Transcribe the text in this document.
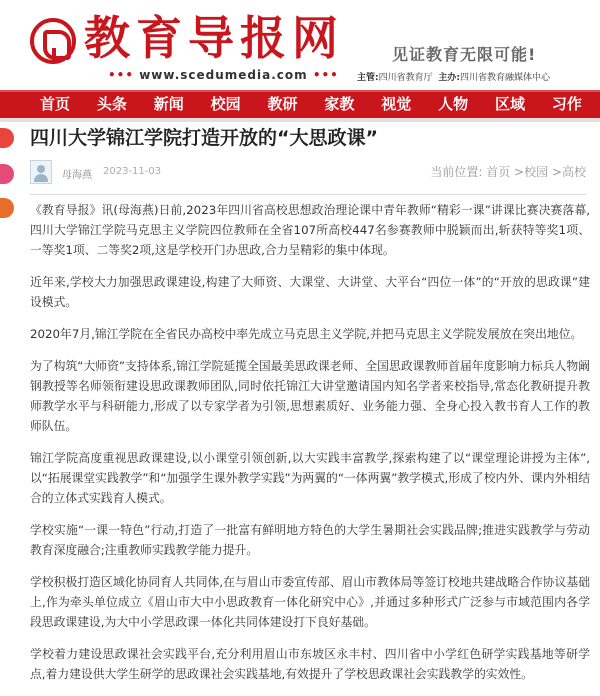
教育导报网
••• www.scedumedia.com •••
见证教育无限可能!
主管:四川省教育厅 主办:四川省教育融媒体中心
首页 头条 新闻 校园 教研 家教 视觉 人物 区域 习作
四川大学锦江学院打造开放的“大思政课”
母海燕 2023-11-03	当前位置: 首页 >校园 >高校

《教育导报》讯(母海燕)日前,2023年四川省高校思想政治理论课中青年教师“精彩一课”讲课比赛决赛落幕,四川大学锦江学院马克思主义学院四位教师在全省107所高校447名参赛教师中脱颖而出,斩获特等奖1项、一等奖1项、二等奖2项,这是学校开门办思政,合力呈精彩的集中体现。

近年来,学校大力加强思政课建设,构建了大师资、大课堂、大讲堂、大平台“四位一体”的“开放的思政课”建设模式。

2020年7月,锦江学院在全省民办高校中率先成立马克思主义学院,并把马克思主义学院发展放在突出地位。

为了构筑“大师资”支持体系,锦江学院延揽全国最美思政课老师、全国思政课教师首届年度影响力标兵人物阚钢教授等名师领衔建设思政课教师团队,同时依托锦江大讲堂邀请国内知名学者来校指导,常态化教研提升教师教学水平与科研能力,形成了以专家学者为引领,思想素质好、业务能力强、全身心投入教书育人工作的教师队伍。

锦江学院高度重视思政课建设,以小课堂引领创新,以大实践丰富教学,探索构建了以“课堂理论讲授为主体”,以“拓展课堂实践教学”和“加强学生课外教学实践”为两翼的“一体两翼”教学模式,形成了校内外、课内外相结合的立体式实践育人模式。

学校实施“一课一特色”行动,打造了一批富有鲜明地方特色的大学生暑期社会实践品牌;推进实践教学与劳动教育深度融合;注重教师实践教学能力提升。

学校积极打造区域化协同育人共同体,在与眉山市委宣传部、眉山市教体局等签订校地共建战略合作协议基础上,作为牵头单位成立《眉山市大中小思政教育一体化研究中心》,并通过多种形式广泛参与市域范围内各学段思政课建设,为大中小学思政课一体化共同体建设打下良好基础。

学校着力建设思政课社会实践平台,充分利用眉山市东坡区永丰村、四川省中小学红色研学实践基地等研学点,着力建设供大学生研学的思政课社会实践基地,有效提升了学校思政课社会实践教学的实效性。
